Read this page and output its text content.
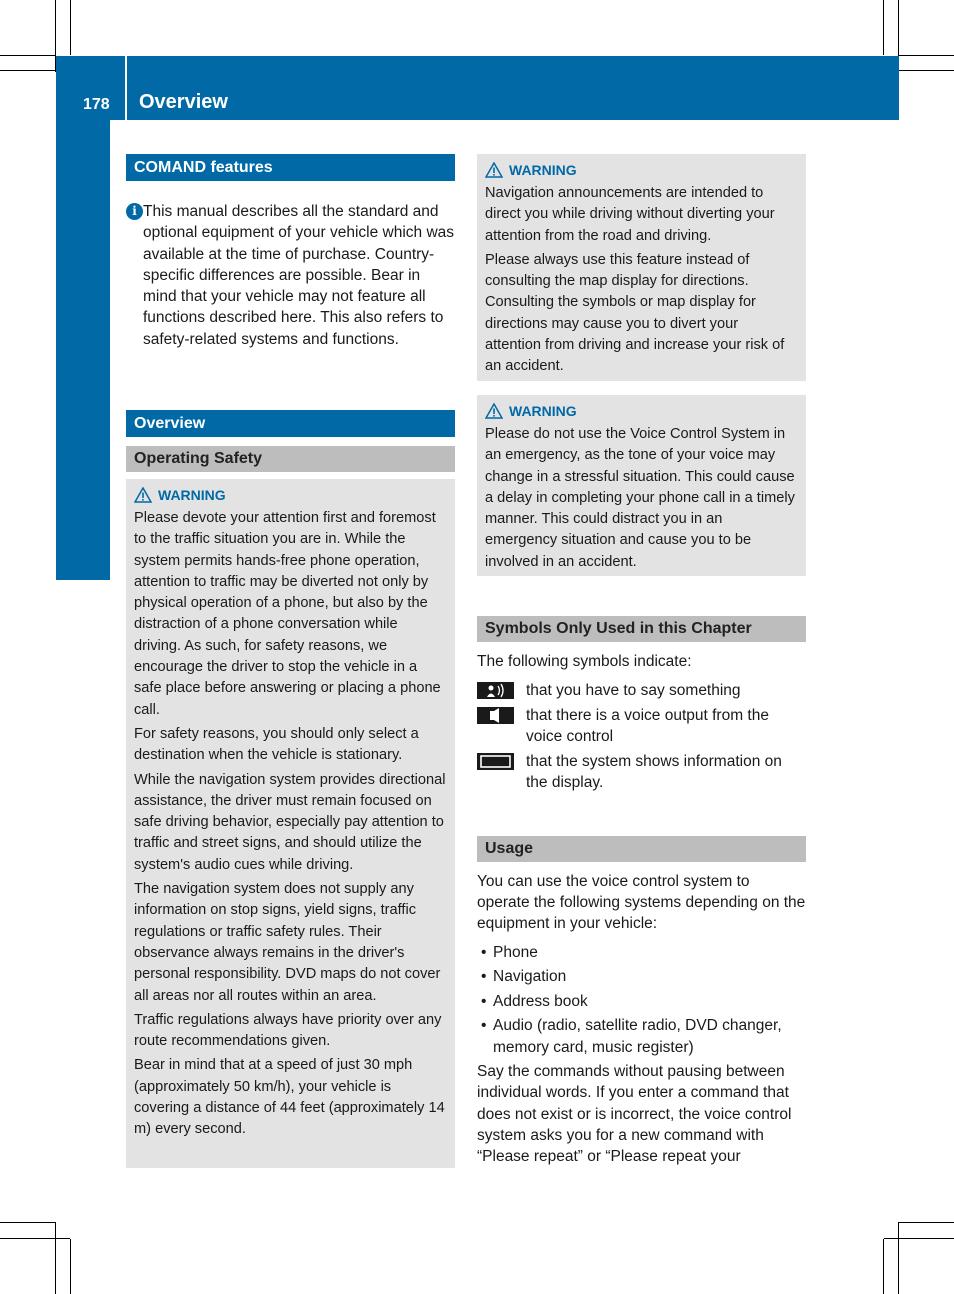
178 Overview
Voice Control
COMAND features
i This manual describes all the standard and optional equipment of your vehicle which was available at the time of purchase. Country-specific differences are possible. Bear in mind that your vehicle may not feature all functions described here. This also refers to safety-related systems and functions.

Overview
Operating Safety
WARNING

Please devote your attention first and foremost to the traffic situation you are in. While the system permits hands-free phone operation, attention to traffic may be diverted not only by physical operation of a phone, but also by the distraction of a phone conversation while driving. As such, for safety reasons, we encourage the driver to stop the vehicle in a safe place before answering or placing a phone call.

For safety reasons, you should only select a destination when the vehicle is stationary.

While the navigation system provides directional assistance, the driver must remain focused on safe driving behavior, especially pay attention to traffic and street signs, and should utilize the system's audio cues while driving.

The navigation system does not supply any information on stop signs, yield signs, traffic regulations or traffic safety rules. Their observance always remains in the driver's personal responsibility. DVD maps do not cover all areas nor all routes within an area.

Traffic regulations always have priority over any route recommendations given.

Bear in mind that at a speed of just 30 mph (approximately 50 km/h), your vehicle is covering a distance of 44 feet (approximately 14 m) every second.

WARNING

Navigation announcements are intended to direct you while driving without diverting your attention from the road and driving.

Please always use this feature instead of consulting the map display for directions. Consulting the symbols or map display for directions may cause you to divert your attention from driving and increase your risk of an accident.

WARNING

Please do not use the Voice Control System in an emergency, as the tone of your voice may change in a stressful situation. This could cause a delay in completing your phone call in a timely manner. This could distract you in an emergency situation and cause you to be involved in an accident.

Symbols Only Used in this Chapter

The following symbols indicate:

that you have to say something
that there is a voice output from the voice control
that the system shows information on the display.
Usage

You can use the voice control system to operate the following systems depending on the equipment in your vehicle:

• Phone
• Navigation
• Address book
• Audio (radio, satellite radio, DVD changer, memory card, music register)

Say the commands without pausing between individual words. If you enter a command that does not exist or is incorrect, the voice control system asks you for a new command with “Please repeat” or “Please repeat your
